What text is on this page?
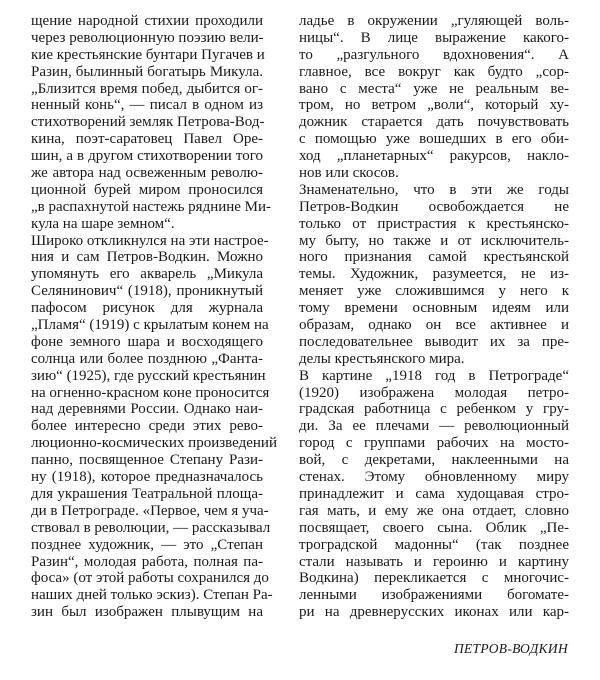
щение народной стихии проходили
через революционную поэзию вели-
кие крестьянские бунтари Пугачев и
Разин, былинный богатырь Микула.
„Близится время побед, дыбится ог-
ненный конь“, — писал в одном из
стихотворений земляк Петрова-Вод-
кина, поэт-саратовец Павел Оре-
шин, а в другом стихотворении того
же автора над освеженным револю-
ционной бурей миром проносился
„в распахнутой настежь ряднине Ми-
кула на шаре земном“.
Широко откликнулся на эти настрое-
ния и сам Петров-Водкин. Можно
упомянуть его акварель „Микула
Селянинович“ (1918), проникнутый
пафосом рисунок для журнала
„Пламя“ (1919) с крылатым конем на
фоне земного шара и восходящего
солнца или более позднюю „Фанта-
зию“ (1925), где русский крестьянин
на огненно-красном коне проносится
над деревнями России. Однако наи-
более интересно среди этих рево-
люционно-космических произведений
панно, посвященное Степану Рази-
ну (1918), которое предназначалось
для украшения Театральной площа-
ди в Петрограде. «Первое, чем я уча-
ствовал в революции, — рассказывал
позднее художник, — это „Степан
Разин“, молодая работа, полная па-
фоса» (от этой работы сохранился до
наших дней только эскиз). Степан Ра-
зин был изображен плывущим на
ладье в окружении „гуляющей воль-
ницы“. В лице выражение какого-
то „разгульного вдохновения“. А
главное, все вокруг как будто „сор-
вано с места“ уже не реальным ве-
тром, но ветром „воли“, который ху-
дожник старается дать почувствовать
с помощью уже вошедших в его оби-
ход „планетарных“ ракурсов, накло-
нов или скосов.
Знаменательно, что в эти же годы
Петров-Водкин освобождается не
только от пристрастия к крестьянско-
му быту, но также и от исключитель-
ного признания самой крестьянской
темы. Художник, разумеется, не из-
меняет уже сложившимся у него к
тому времени основным идеям или
образам, однако он все активнее и
последовательнее выводит их за пре-
делы крестьянского мира.
В картине „1918 год в Петрограде“
(1920) изображена молодая петро-
градская работница с ребенком у гру-
ди. За ее плечами — революционный
город с группами рабочих на мосто-
вой, с декретами, наклеенными на
стенах. Этому обновленному миру
принадлежит и сама худощавая стро-
гая мать, и ему же она отдает, словно
посвящает, своего сына. Облик „Пе-
троградской мадонны“ (так позднее
стали называть и героиню и картину
Водкина) перекликается с многочис-
ленными изображениями богомате-
ри на древнерусских иконах или кар-
ПЕТРОВ-ВОДКИН
